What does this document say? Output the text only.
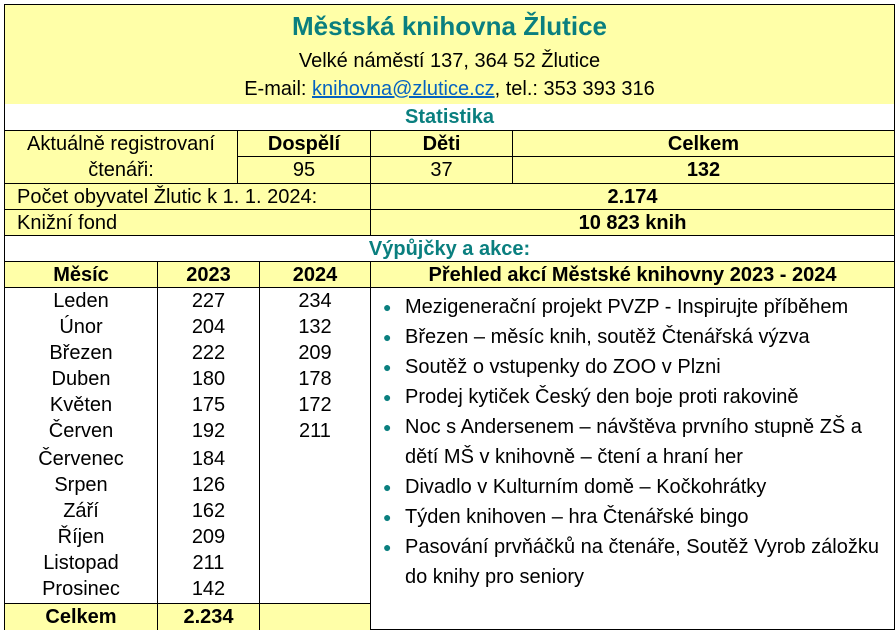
Městská knihovna Žlutice
Velké náměstí 137, 364 52 Žlutice
E-mail: knihovna@zlutice.cz , tel.: 353 393 316
Statistika
Aktuálně registrovaní
čtenáři:
Dospělí	Děti	Celkem
95	37	132
Počet obyvatel Žlutic k 1. 1. 2024:	2.174
Knižní fond	10 823 knih
Výpůjčky a akce:
Měsíc	2023	2024	Přehled akcí Městské knihovny 2023 - 2024
Leden	227	234
Únor	204	132
Březen	222	209
Duben	180	178
Květen	175	172
Červen	192	211
Červenec	184
Srpen	126
Září	162
Říjen	209
Listopad	211
Prosinec	142
Celkem	2.234
● Mezigenerační projekt PVZP - Inspirujte příběhem
● Březen – měsíc knih, soutěž Čtenářská výzva
● Soutěž o vstupenky do ZOO v Plzni
● Prodej kytiček Český den boje proti rakovině
● Noc s Andersenem – návštěva prvního stupně ZŠ a dětí MŠ v knihovně – čtení a hraní her
● Divadlo v Kulturním domě – Kočkohrátky
● Týden knihoven – hra Čtenářské bingo
● Pasování prvňáčků na čtenáře, Soutěž Vyrob záložku do knihy pro seniory
